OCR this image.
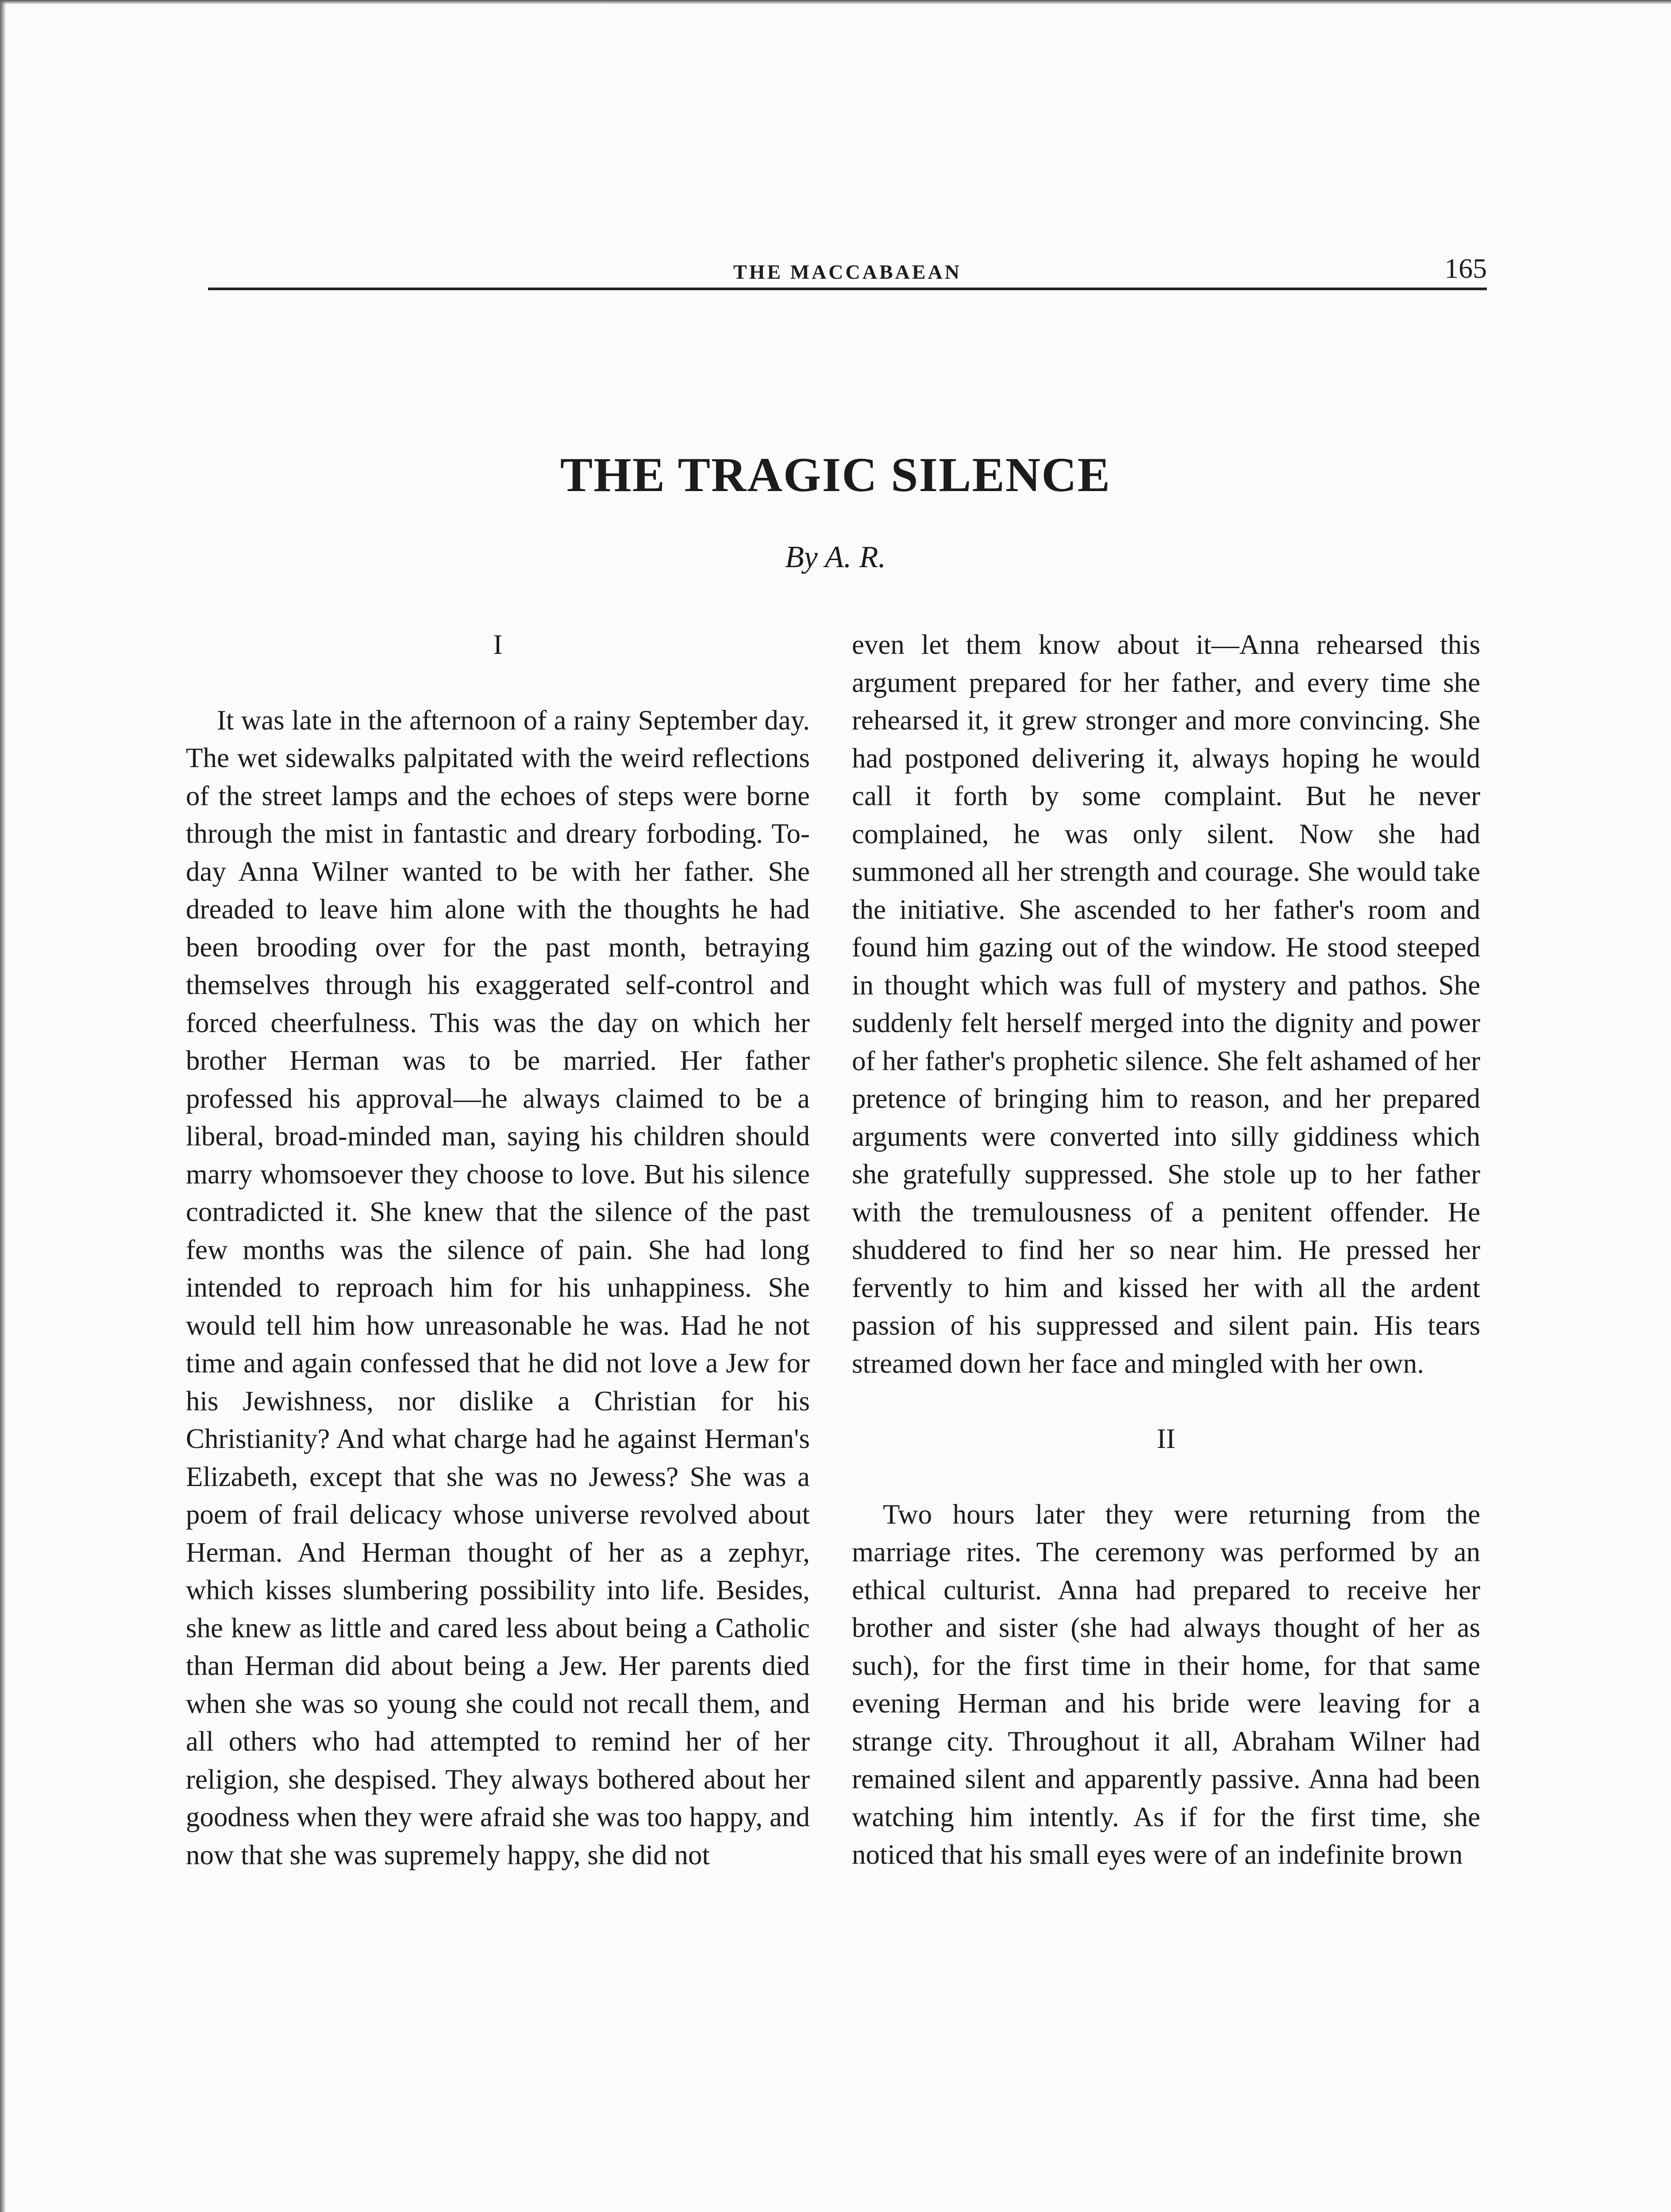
THE MACCABAEAN	165
THE TRAGIC SILENCE
By A. R.
I

It was late in the afternoon of a rainy September day. The wet sidewalks palpitated with the weird reflections of the street lamps and the echoes of steps were borne through the mist in fantastic and dreary forboding. To-day Anna Wilner wanted to be with her father. She dreaded to leave him alone with the thoughts he had been brooding over for the past month, betraying themselves through his exaggerated self-control and forced cheerfulness. This was the day on which her brother Herman was to be married. Her father professed his approval—he always claimed to be a liberal, broad-minded man, saying his children should marry whomsoever they choose to love. But his silence contradicted it. She knew that the silence of the past few months was the silence of pain. She had long intended to reproach him for his unhappiness. She would tell him how unreasonable he was. Had he not time and again confessed that he did not love a Jew for his Jewishness, nor dislike a Christian for his Christianity? And what charge had he against Herman's Elizabeth, except that she was no Jewess? She was a poem of frail delicacy whose universe revolved about Herman. And Herman thought of her as a zephyr, which kisses slumbering possibility into life. Besides, she knew as little and cared less about being a Catholic than Herman did about being a Jew. Her parents died when she was so young she could not recall them, and all others who had attempted to remind her of her religion, she despised. They always bothered about her goodness when they were afraid she was too happy, and now that she was supremely happy, she did not

even let them know about it—Anna rehearsed this argument prepared for her father, and every time she rehearsed it, it grew stronger and more convincing. She had postponed delivering it, always hoping he would call it forth by some complaint. But he never complained, he was only silent. Now she had summoned all her strength and courage. She would take the initiative. She ascended to her father's room and found him gazing out of the window. He stood steeped in thought which was full of mystery and pathos. She suddenly felt herself merged into the dignity and power of her father's prophetic silence. She felt ashamed of her pretence of bringing him to reason, and her prepared arguments were converted into silly giddiness which she gratefully suppressed. She stole up to her father with the tremulousness of a penitent offender. He shuddered to find her so near him. He pressed her fervently to him and kissed her with all the ardent passion of his suppressed and silent pain. His tears streamed down her face and mingled with her own.

II

Two hours later they were returning from the marriage rites. The ceremony was performed by an ethical culturist. Anna had prepared to receive her brother and sister (she had always thought of her as such), for the first time in their home, for that same evening Herman and his bride were leaving for a strange city. Throughout it all, Abraham Wilner had remained silent and apparently passive. Anna had been watching him intently. As if for the first time, she noticed that his small eyes were of an indefinite brown
